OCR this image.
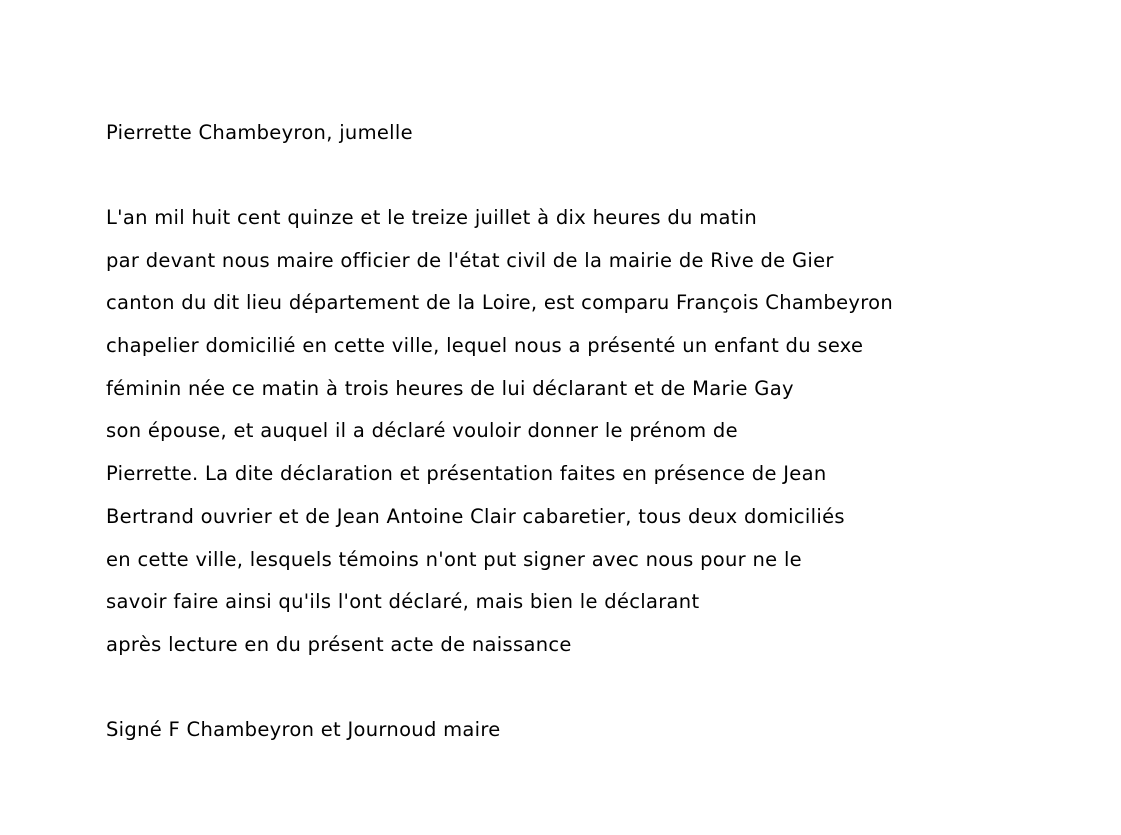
Pierrette Chambeyron, jumelle
L'an mil huit cent quinze et le treize juillet à dix heures du matin
par devant nous maire officier de l'état civil de la mairie de Rive de Gier
canton du dit lieu département de la Loire, est comparu François Chambeyron
chapelier domicilié en cette ville, lequel nous a présenté un enfant du sexe
féminin née ce matin à trois heures de lui déclarant et de Marie Gay
son épouse, et auquel il a déclaré vouloir donner le prénom de
Pierrette. La dite déclaration et présentation faites en présence de Jean
Bertrand ouvrier et de Jean Antoine Clair cabaretier, tous deux domiciliés
en cette ville, lesquels témoins n'ont put signer avec nous pour ne le
savoir faire ainsi qu'ils l'ont déclaré, mais bien le déclarant
après lecture en du présent acte de naissance
Signé F Chambeyron et Journoud maire
